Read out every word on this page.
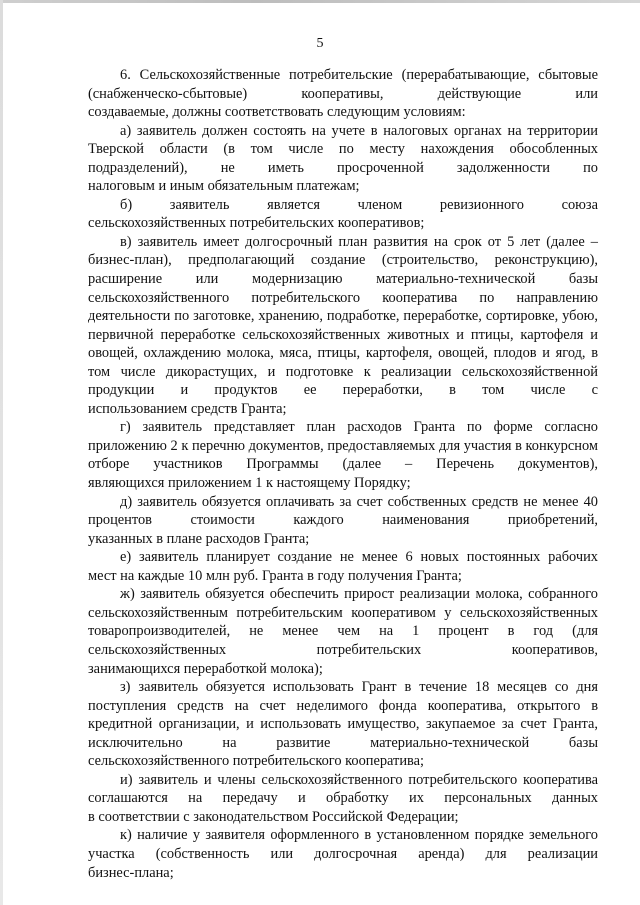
5

6. Сельскохозяйственные потребительские (перерабатывающие, сбытовые (снабженческо-сбытовые) кооперативы, действующие или
создаваемые, должны соответствовать следующим условиям:

а) заявитель должен состоять на учете в налоговых органах на территории Тверской области (в том числе по месту нахождения обособленных подразделений), не иметь просроченной задолженности по
налоговым и иным обязательным платежам;

б) заявитель является членом ревизионного союза
сельскохозяйственных потребительских кооперативов;

в) заявитель имеет долгосрочный план развития на срок от 5 лет (далее – бизнес-план), предполагающий создание (строительство, реконструкцию), расширение или модернизацию материально-технической базы сельскохозяйственного потребительского кооператива по направлению деятельности по заготовке, хранению, подработке, переработке, сортировке, убою, первичной переработке сельскохозяйственных животных и птицы, картофеля и овощей, охлаждению молока, мяса, птицы, картофеля, овощей, плодов и ягод, в том числе дикорастущих, и подготовке к реализации сельскохозяйственной продукции и продуктов ее переработки, в том числе с
использованием средств Гранта;

г) заявитель представляет план расходов Гранта по форме согласно приложению 2 к перечню документов, предоставляемых для участия в конкурсном отборе участников Программы (далее – Перечень документов),
являющихся приложением 1 к настоящему Порядку;

д) заявитель обязуется оплачивать за счет собственных средств не менее 40 процентов стоимости каждого наименования приобретений,
указанных в плане расходов Гранта;

е) заявитель планирует создание не менее 6 новых постоянных рабочих
мест на каждые 10 млн руб. Гранта в году получения Гранта;

ж) заявитель обязуется обеспечить прирост реализации молока, собранного сельскохозяйственным потребительским кооперативом у сельскохозяйственных товаропроизводителей, не менее чем на 1 процент в год (для сельскохозяйственных потребительских кооперативов,
занимающихся переработкой молока);

з) заявитель обязуется использовать Грант в течение 18 месяцев со дня поступления средств на счет неделимого фонда кооператива, открытого в кредитной организации, и использовать имущество, закупаемое за счет Гранта, исключительно на развитие материально-технической базы
сельскохозяйственного потребительского кооператива;

и) заявитель и члены сельскохозяйственного потребительского кооператива соглашаются на передачу и обработку их персональных данных
в соответствии с законодательством Российской Федерации;

к) наличие у заявителя оформленного в установленном порядке земельного участка (собственность или долгосрочная аренда) для реализации
бизнес-плана;
